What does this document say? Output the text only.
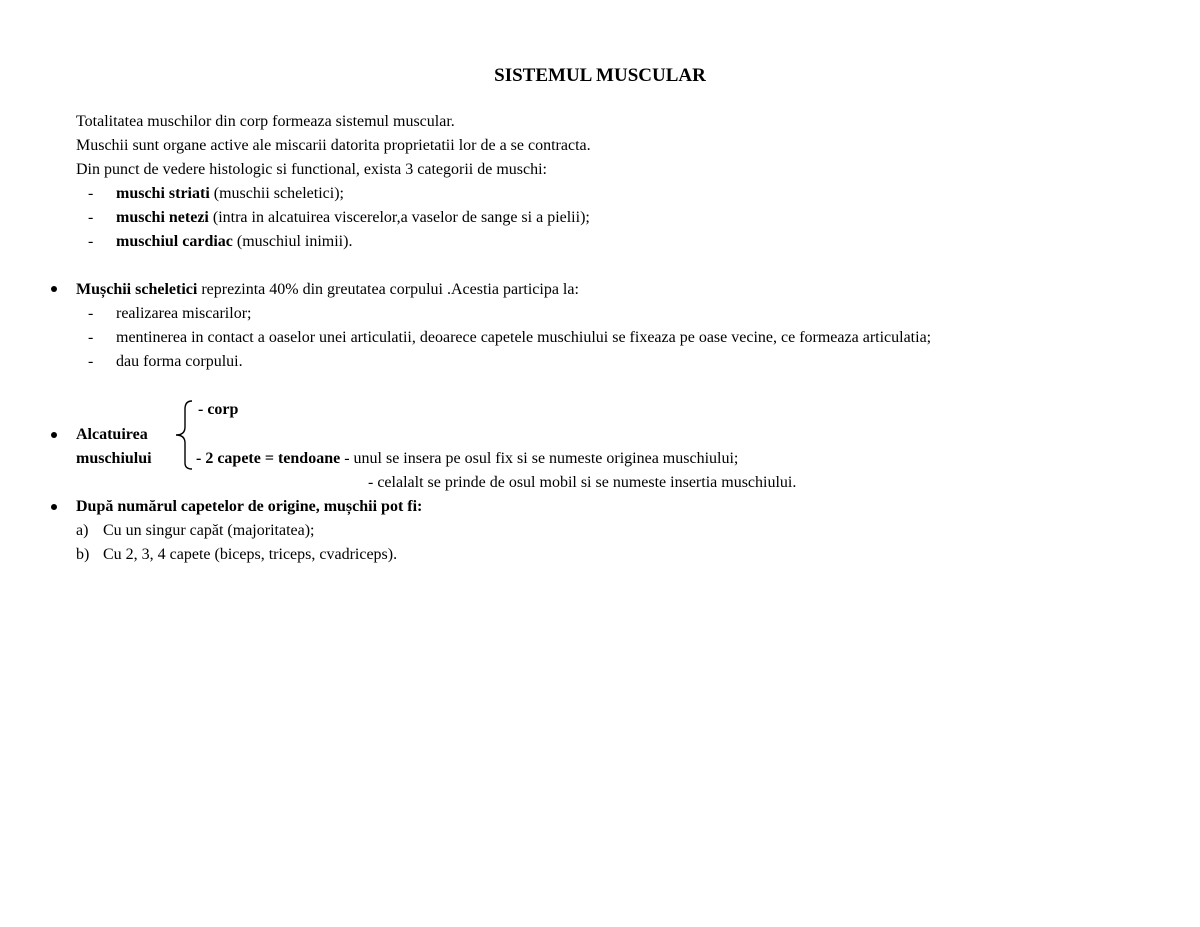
SISTEMUL MUSCULAR
Totalitatea muschilor din corp formeaza sistemul muscular.
Muschii sunt organe active ale miscarii datorita proprietatii lor de a se contracta.
Din punct de vedere histologic si functional, exista 3 categorii de muschi:
- muschi striati (muschii scheletici);
- muschi netezi (intra in alcatuirea viscerelor,a vaselor de sange si a pielii);
- muschiul cardiac (muschiul inimii).
Mușchii scheletici reprezinta 40% din greutatea corpului .Acestia participa la:
- realizarea miscarilor;
- mentinerea in contact a oaselor unei articulatii, deoarece capetele muschiului se fixeaza pe oase vecine, ce formeaza articulatia;
- dau forma corpului.
- corp
Alcatuirea
muschiului	- 2 capete = tendoane - unul se insera pe osul fix si se numeste originea muschiului;
- celalalt se prinde de osul mobil si se numeste insertia muschiului.
După numărul capetelor de origine, mușchii pot fi:
a) Cu un singur capăt (majoritatea);
b) Cu 2, 3, 4 capete (biceps, triceps, cvadriceps).
